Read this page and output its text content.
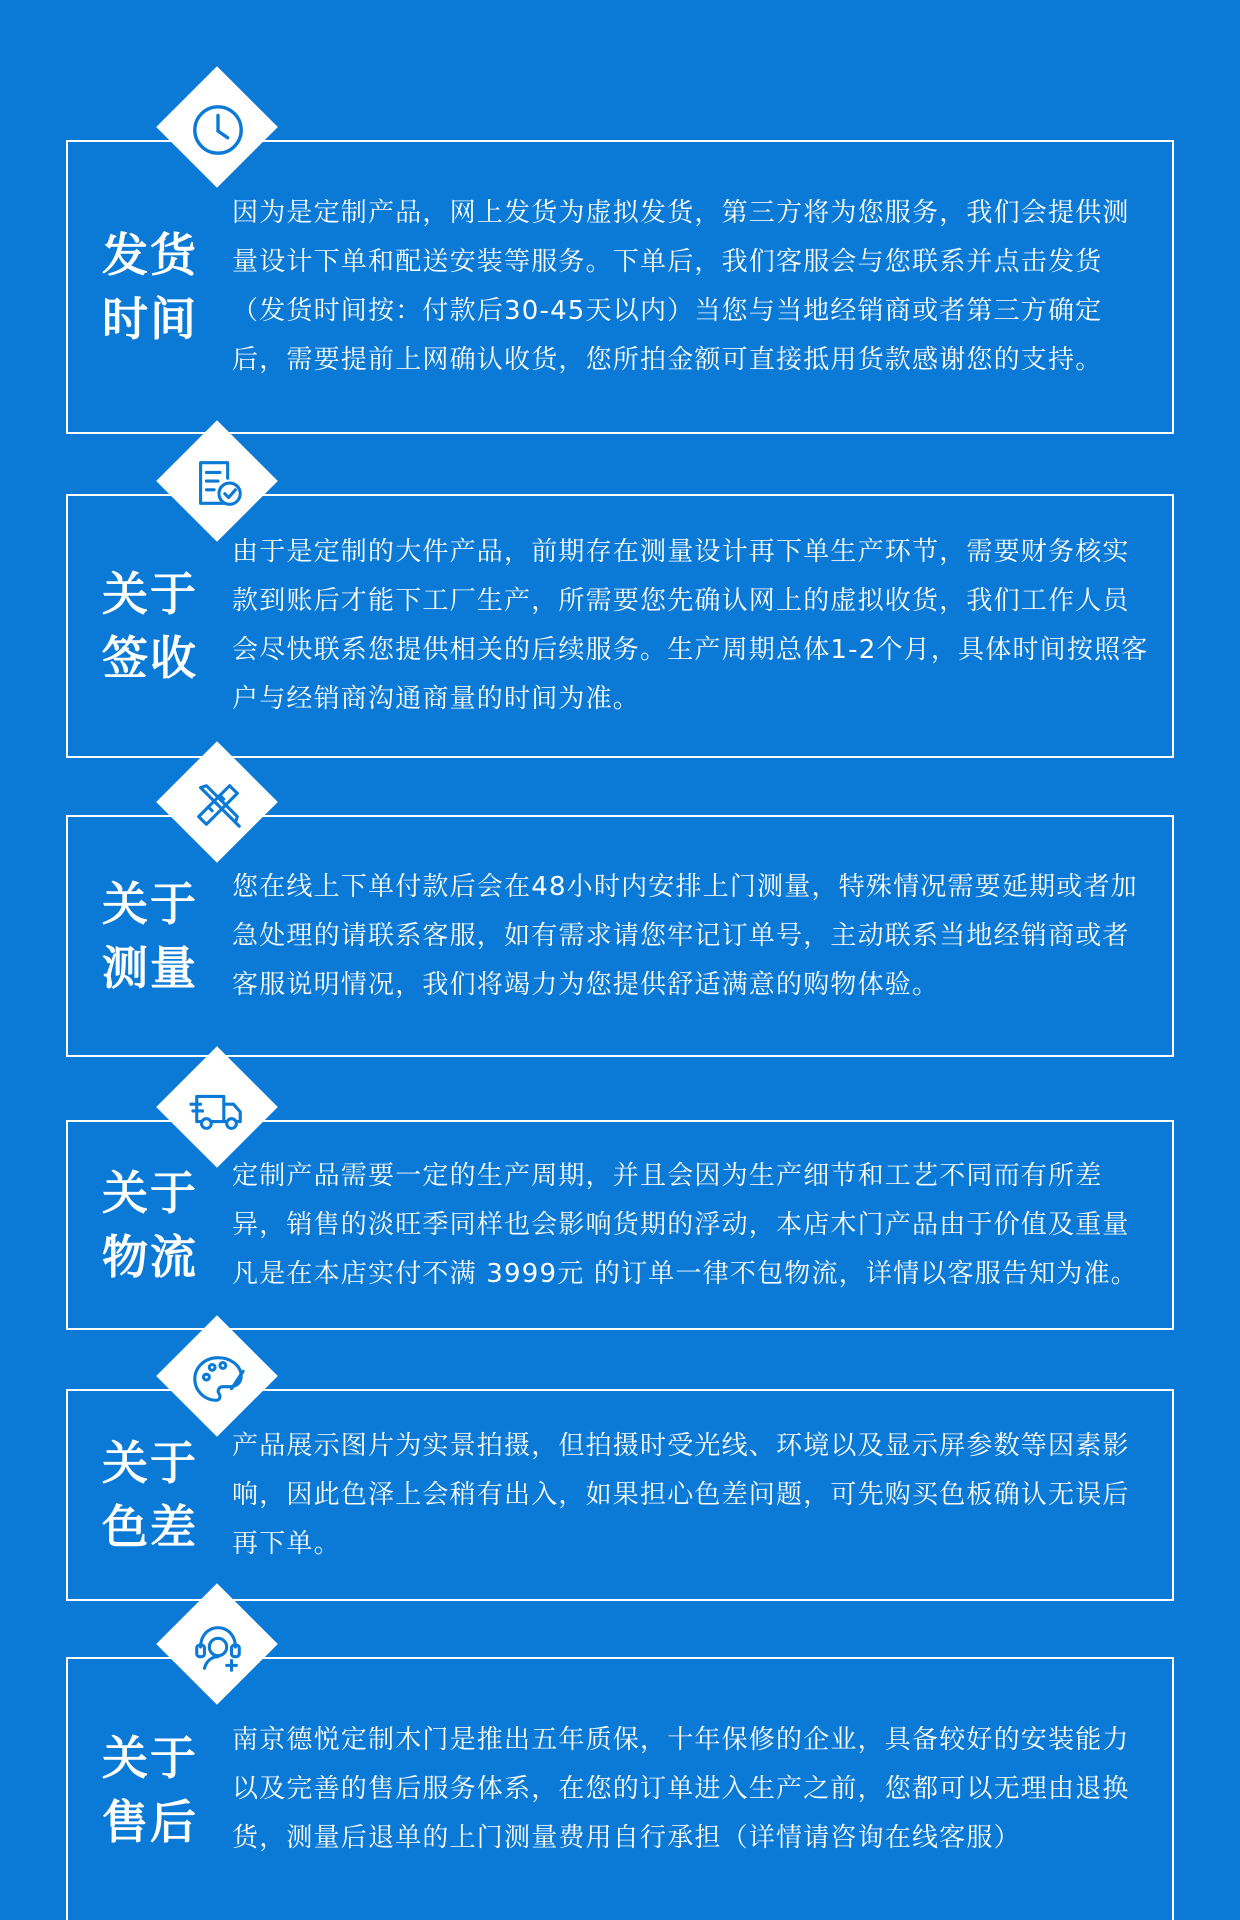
发货时间

因为是定制产品，网上发货为虚拟发货，第三方将为您服务，我们会提供测量设计下单和配送安装等服务。下单后，我们客服会与您联系并点击发货（发货时间按：付款后30-45天以内）当您与当地经销商或者第三方确定后，需要提前上网确认收货，您所拍金额可直接抵用货款感谢您的支持。

关于签收

由于是定制的大件产品，前期存在测量设计再下单生产环节，需要财务核实款到账后才能下工厂生产，所需要您先确认网上的虚拟收货，我们工作人员会尽快联系您提供相关的后续服务。生产周期总体1-2个月，具体时间按照客户与经销商沟通商量的时间为准。

关于测量

您在线上下单付款后会在48小时内安排上门测量，特殊情况需要延期或者加急处理的请联系客服，如有需求请您牢记订单号，主动联系当地经销商或者客服说明情况，我们将竭力为您提供舒适满意的购物体验。

关于物流

定制产品需要一定的生产周期，并且会因为生产细节和工艺不同而有所差异，销售的淡旺季同样也会影响货期的浮动，本店木门产品由于价值及重量凡是在本店实付不满 3999元 的订单一律不包物流，详情以客服告知为准。

关于色差

产品展示图片为实景拍摄，但拍摄时受光线、环境以及显示屏参数等因素影响，因此色泽上会稍有出入，如果担心色差问题，可先购买色板确认无误后再下单。

关于售后

南京德悦定制木门是推出五年质保，十年保修的企业，具备较好的安装能力以及完善的售后服务体系，在您的订单进入生产之前，您都可以无理由退换货，测量后退单的上门测量费用自行承担（详情请咨询在线客服）
